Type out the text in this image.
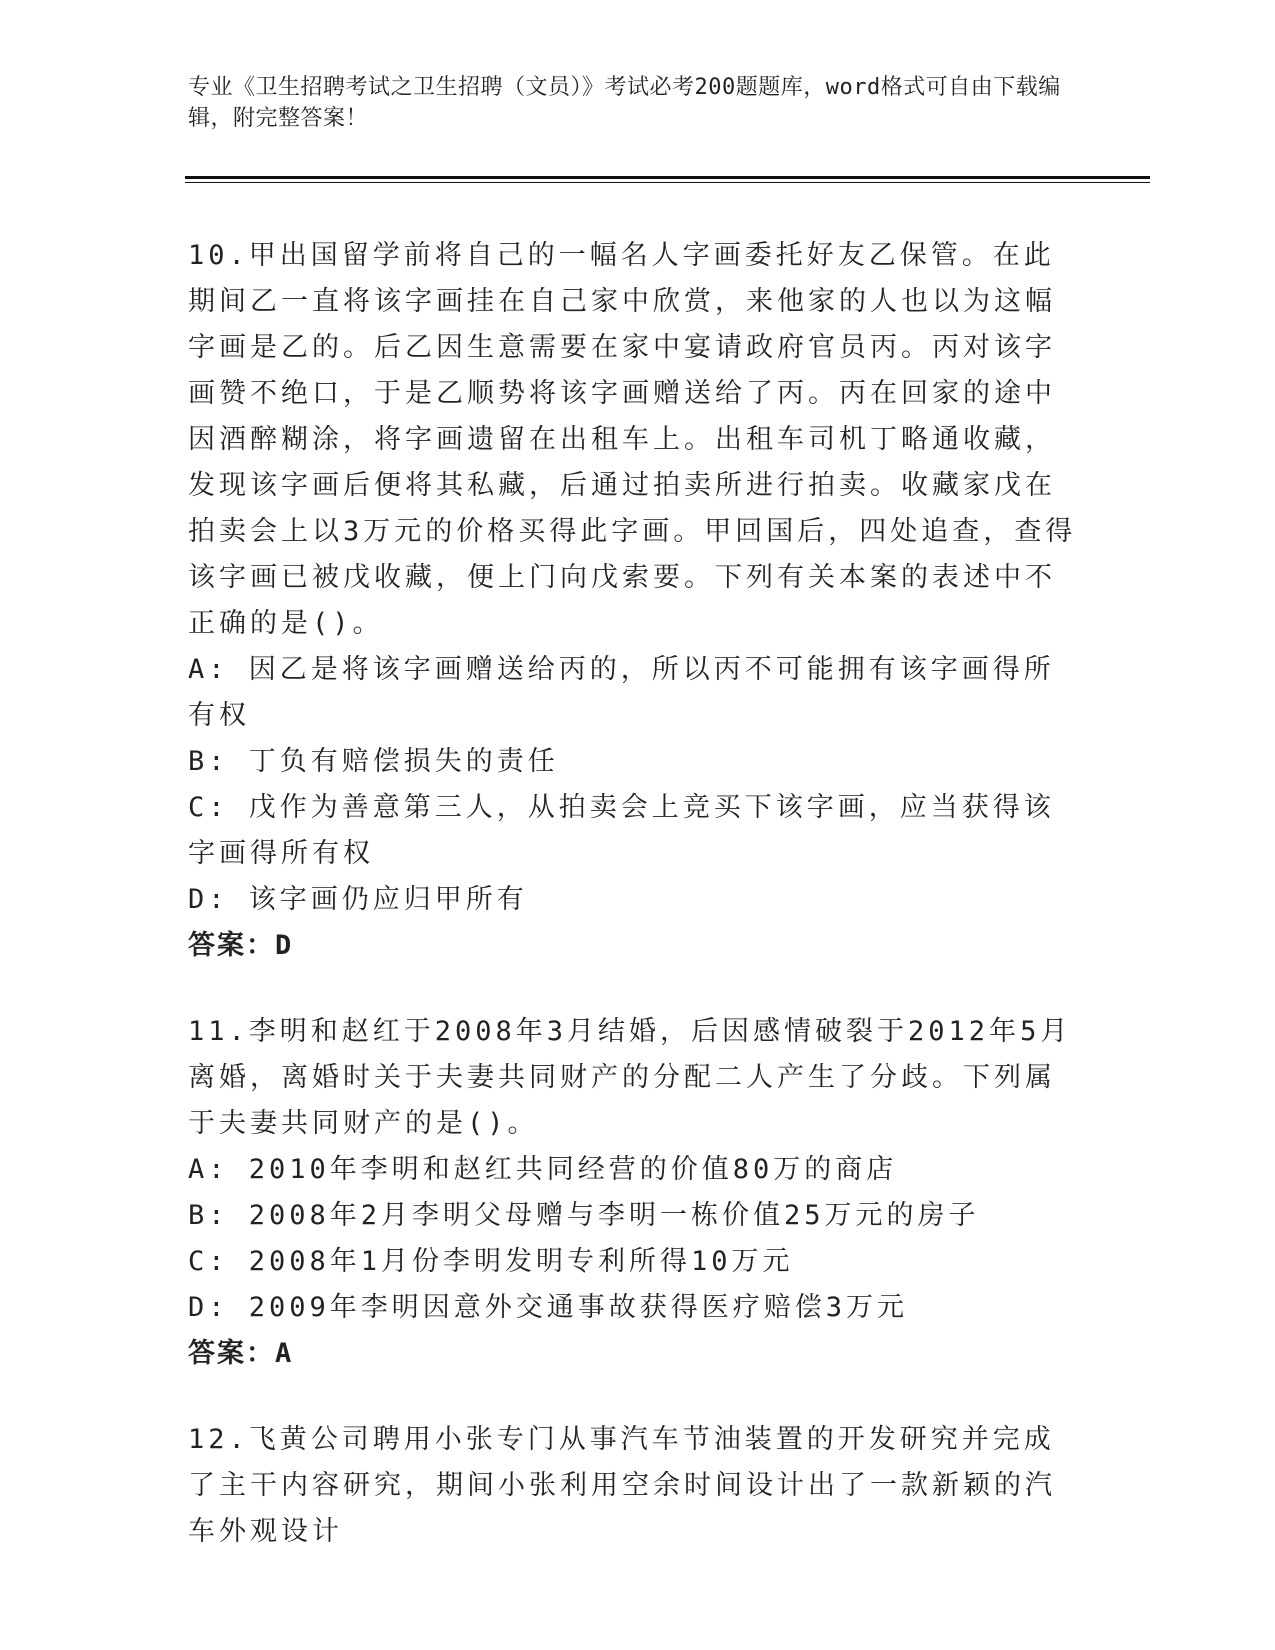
专业《卫生招聘考试之卫生招聘（文员）》考试必考200题题库，word格式可自由下载编辑，附完整答案！
10.甲出国留学前将自己的一幅名人字画委托好友乙保管。在此期间乙一直将该字画挂在自己家中欣赏，来他家的人也以为这幅字画是乙的。后乙因生意需要在家中宴请政府官员丙。丙对该字画赞不绝口，于是乙顺势将该字画赠送给了丙。丙在回家的途中因酒醉糊涂，将字画遗留在出租车上。出租车司机丁略通收藏，发现该字画后便将其私藏，后通过拍卖所进行拍卖。收藏家戊在拍卖会上以3万元的价格买得此字画。甲回国后，四处追查，查得该字画已被戊收藏，便上门向戊索要。下列有关本案的表述中不正确的是()。
A: 因乙是将该字画赠送给丙的，所以丙不可能拥有该字画得所有权
B: 丁负有赔偿损失的责任
C: 戊作为善意第三人，从拍卖会上竞买下该字画，应当获得该字画得所有权
D: 该字画仍应归甲所有
答案：D
11.李明和赵红于2008年3月结婚，后因感情破裂于2012年5月离婚，离婚时关于夫妻共同财产的分配二人产生了分歧。下列属于夫妻共同财产的是()。
A: 2010年李明和赵红共同经营的价值80万的商店
B: 2008年2月李明父母赠与李明一栋价值25万元的房子
C: 2008年1月份李明发明专利所得10万元
D: 2009年李明因意外交通事故获得医疗赔偿3万元
答案：A
12.飞黄公司聘用小张专门从事汽车节油装置的开发研究并完成了主干内容研究，期间小张利用空余时间设计出了一款新颖的汽车外观设计
